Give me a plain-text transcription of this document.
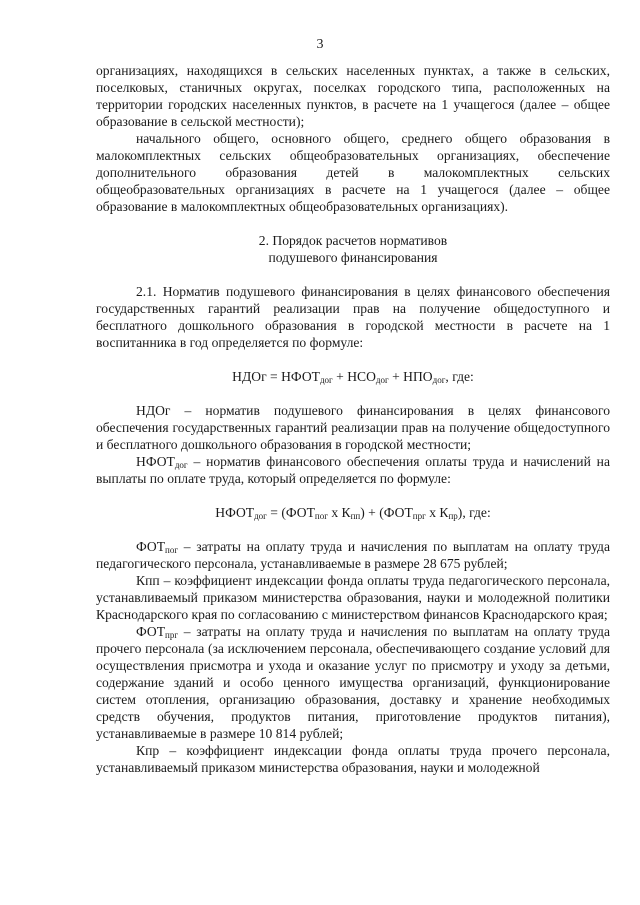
3

организациях, находящихся в сельских населенных пунктах, а также в сельских, поселковых, станичных округах, поселках городского типа, расположенных на территории городских населенных пунктов, в расчете на 1 учащегося (далее – общее образование в сельской местности);

начального общего, основного общего, среднего общего образования в малокомплектных сельских общеобразовательных организациях, обеспечение дополнительного образования детей в малокомплектных сельских общеобразовательных организациях в расчете на 1 учащегося (далее – общее образование в малокомплектных общеобразовательных организациях).

2. Порядок расчетов нормативов

подушевого финансирования

2.1. Норматив подушевого финансирования в целях финансового обеспечения государственных гарантий реализации прав на получение общедоступного и бесплатного дошкольного образования в городской местности в расчете на 1 воспитанника в год определяется по формуле:

НДОг = $НФОТ_{дог} + НСО_{дог} + НПО_{дог}$, где:

НДОг – норматив подушевого финансирования в целях финансового обеспечения государственных гарантий реализации прав на получение общедоступного и бесплатного дошкольного образования в городской местности;

$НФОТ_{дог}$ – норматив финансового обеспечения оплаты труда и начислений на выплаты по оплате труда, который определяется по формуле:

$НФОТ_{дог} = (ФОТ_{пог}$ х $К_{пп}) + (ФОТ_{прг}$ х $К_{пр}$), где:

$ФОТ_{пог}$ – затраты на оплату труда и начисления по выплатам на оплату труда педагогического персонала, устанавливаемые в размере 28 675 рублей;

Кпп – коэффициент индексации фонда оплаты труда педагогического персонала, устанавливаемый приказом министерства образования, науки и молодежной политики Краснодарского края по согласованию с министерством финансов Краснодарского края;

$ФОТ_{прг}$ – затраты на оплату труда и начисления по выплатам на оплату труда прочего персонала (за исключением персонала, обеспечивающего создание условий для осуществления присмотра и ухода и оказание услуг по присмотру и уходу за детьми, содержание зданий и особо ценного имущества организаций, функционирование систем отопления, организацию образования, доставку и хранение необходимых средств обучения, продуктов питания, приготовление продуктов питания), устанавливаемые в размере 10 814 рублей;

Кпр – коэффициент индексации фонда оплаты труда прочего персонала, устанавливаемый приказом министерства образования, науки и молодежной
